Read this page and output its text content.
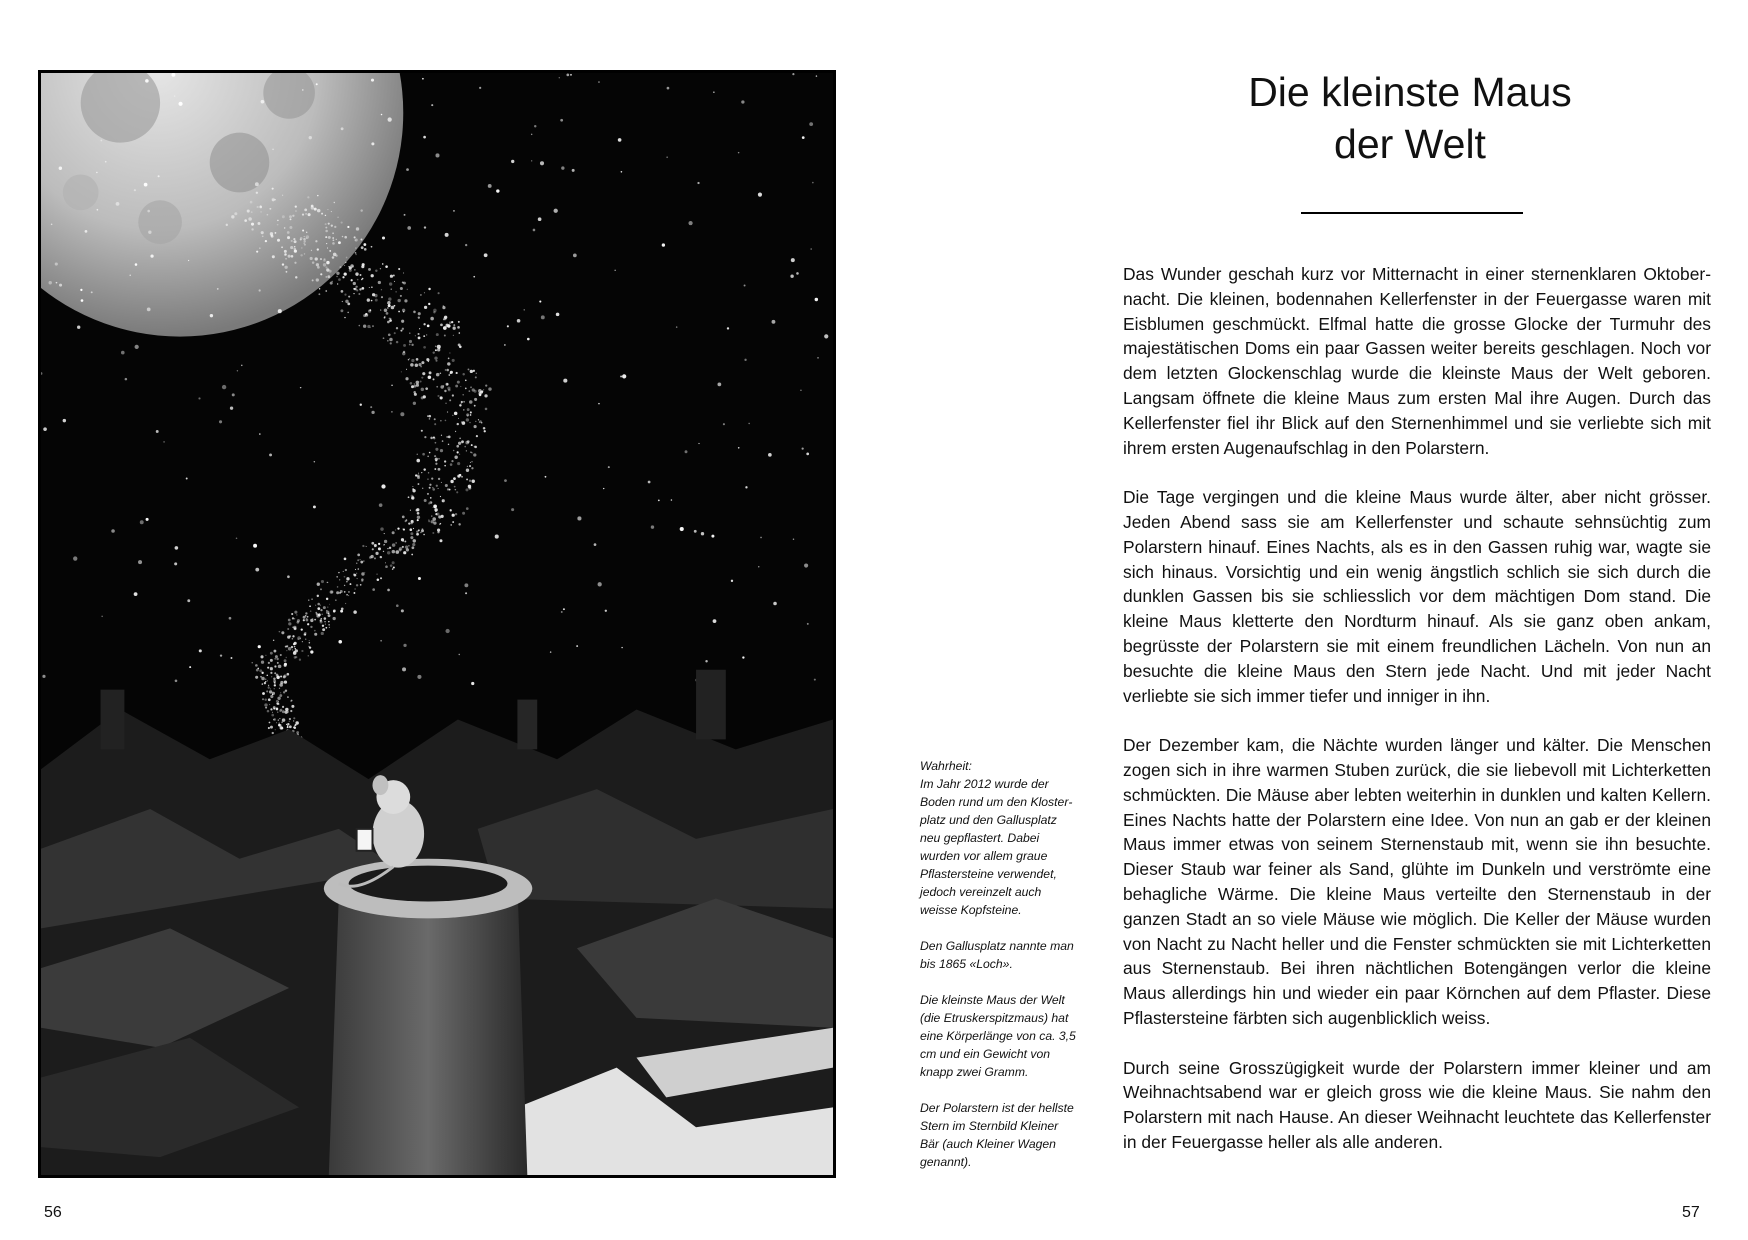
56
Die kleinste Maus
der Welt

Wahrheit:
Im Jahr 2012 wurde der Boden rund um den Klosterplatz und den Gallusplatz neu gepflastert. Dabei wurden vor allem graue Pflastersteine verwendet, jedoch vereinzelt auch weisse Kopfsteine.

Den Gallusplatz nannte man bis 1865 «Loch».

Die kleinste Maus der Welt (die Etruskerspitzmaus) hat eine Körperlänge von ca. 3,5 cm und ein Gewicht von knapp zwei Gramm.

Der Polarstern ist der hellste Stern im Sternbild Kleiner Bär (auch Kleiner Wagen genannt).

Das Wunder geschah kurz vor Mitternacht in einer sternenklaren Oktobernacht. Die kleinen, bodennahen Kellerfenster in der Feuergasse waren mit Eisblumen geschmückt. Elfmal hatte die grosse Glocke der Turmuhr des majestätischen Doms ein paar Gassen weiter bereits geschlagen. Noch vor dem letzten Glockenschlag wurde die kleinste Maus der Welt geboren. Langsam öffnete die kleine Maus zum ersten Mal ihre Augen. Durch das Kellerfenster fiel ihr Blick auf den Sternenhimmel und sie verliebte sich mit ihrem ersten Augenaufschlag in den Polarstern.

Die Tage vergingen und die kleine Maus wurde älter, aber nicht grösser. Jeden Abend sass sie am Kellerfenster und schaute sehnsüchtig zum Polarstern hinauf. Eines Nachts, als es in den Gassen ruhig war, wagte sie sich hinaus. Vorsichtig und ein wenig ängstlich schlich sie sich durch die dunklen Gassen bis sie schliesslich vor dem mächtigen Dom stand. Die kleine Maus kletterte den Nordturm hinauf. Als sie ganz oben ankam, begrüsste der Polarstern sie mit einem freundlichen Lächeln. Von nun an besuchte die kleine Maus den Stern jede Nacht. Und mit jeder Nacht verliebte sie sich immer tiefer und inniger in ihn.

Der Dezember kam, die Nächte wurden länger und kälter. Die Menschen zogen sich in ihre warmen Stuben zurück, die sie liebevoll mit Lichterketten schmückten. Die Mäuse aber lebten weiterhin in dunklen und kalten Kellern. Eines Nachts hatte der Polarstern eine Idee. Von nun an gab er der kleinen Maus immer etwas von seinem Sternenstaub mit, wenn sie ihn besuchte. Dieser Staub war feiner als Sand, glühte im Dunkeln und verströmte eine behagliche Wärme. Die kleine Maus verteilte den Sternenstaub in der ganzen Stadt an so viele Mäuse wie möglich. Die Keller der Mäuse wurden von Nacht zu Nacht heller und die Fenster schmückten sie mit Lichterketten aus Sternenstaub. Bei ihren nächtlichen Botengängen verlor die kleine Maus allerdings hin und wieder ein paar Körnchen auf dem Pflaster. Diese Pflastersteine färbten sich augenblicklich weiss.

Durch seine Grosszügigkeit wurde der Polarstern immer kleiner und am Weihnachtsabend war er gleich gross wie die kleine Maus. Sie nahm den Polarstern mit nach Hause. An dieser Weihnacht leuchtete das Kellerfenster in der Feuergasse heller als alle anderen.

57
